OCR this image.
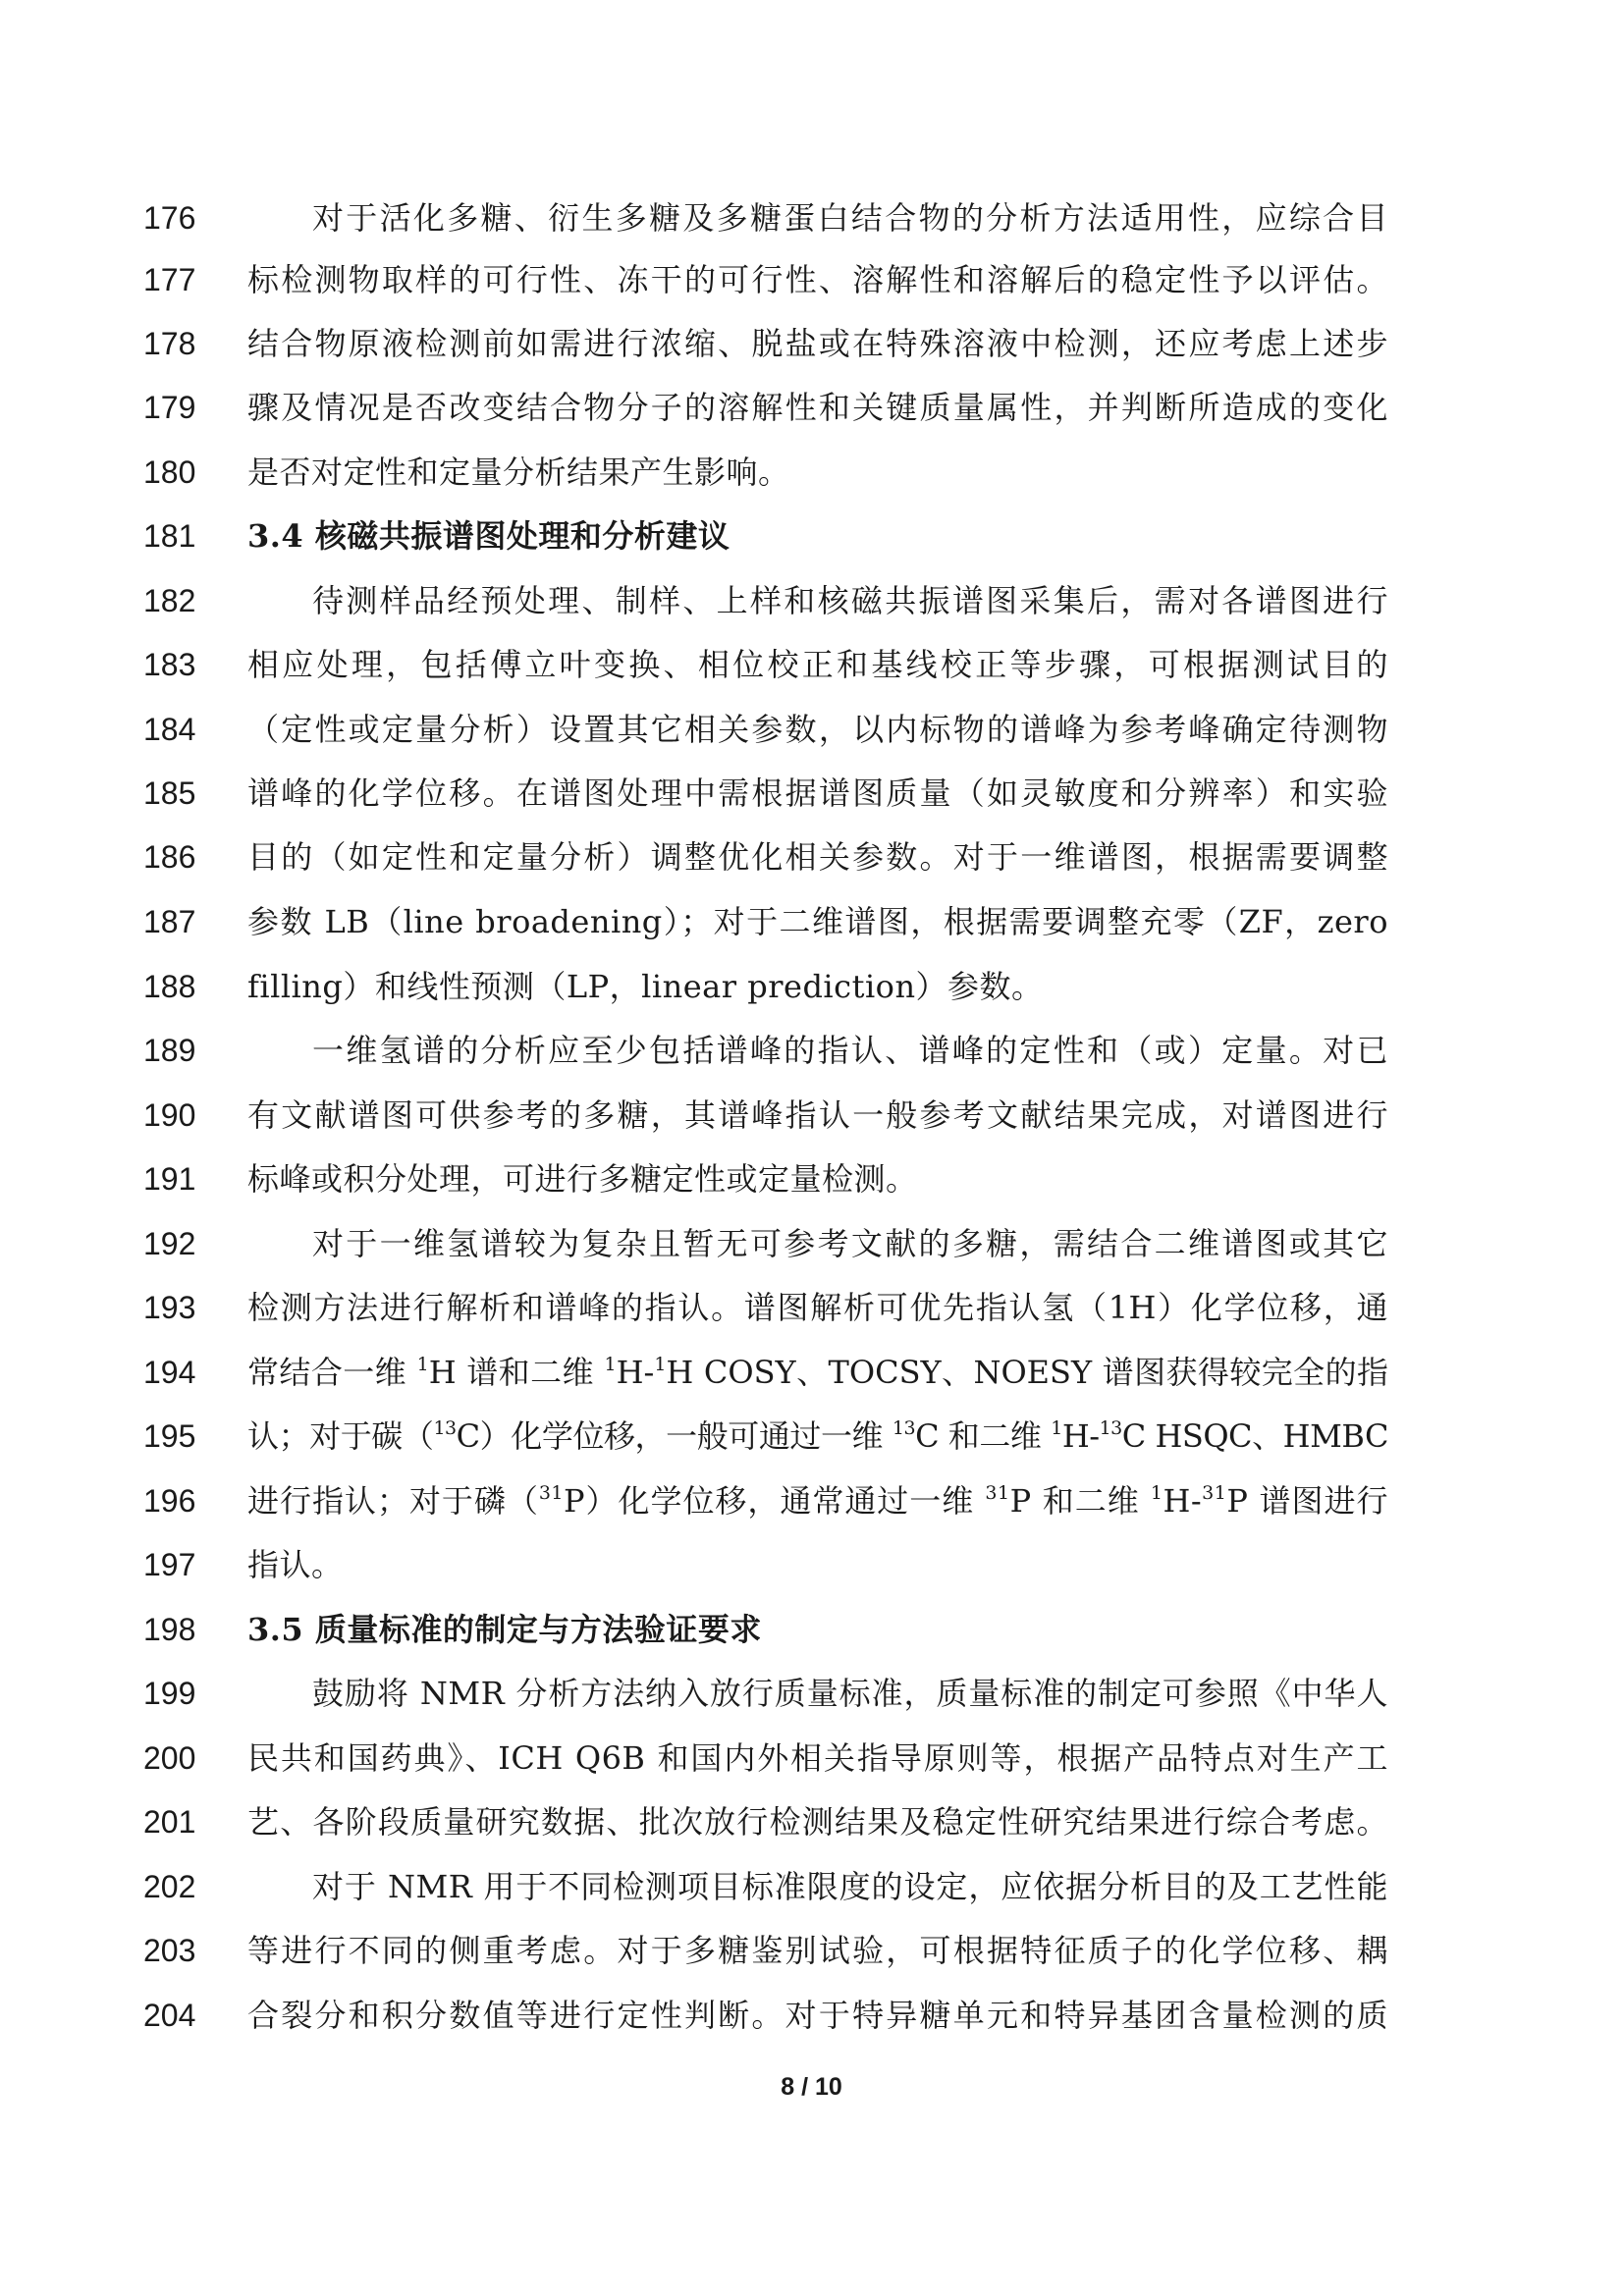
176	对于活化多糖、衍生多糖及多糖蛋白结合物的分析方法适用性，应综合目
177	标检测物取样的可行性、冻干的可行性、溶解性和溶解后的稳定性予以评估。
178	结合物原液检测前如需进行浓缩、脱盐或在特殊溶液中检测，还应考虑上述步
179	骤及情况是否改变结合物分子的溶解性和关键质量属性，并判断所造成的变化
180	是否对定性和定量分析结果产生影响。
181	3.4 核磁共振谱图处理和分析建议
182	待测样品经预处理、制样、上样和核磁共振谱图采集后，需对各谱图进行
183	相应处理，包括傅立叶变换、相位校正和基线校正等步骤，可根据测试目的
184	（定性或定量分析）设置其它相关参数，以内标物的谱峰为参考峰确定待测物
185	谱峰的化学位移。在谱图处理中需根据谱图质量（如灵敏度和分辨率）和实验
186	目的（如定性和定量分析）调整优化相关参数。对于一维谱图，根据需要调整
187	参数 LB（line broadening）；对于二维谱图，根据需要调整充零（ZF，zero
188	filling）和线性预测（LP，linear prediction）参数。
189	一维氢谱的分析应至少包括谱峰的指认、谱峰的定性和（或）定量。对已
190	有文献谱图可供参考的多糖，其谱峰指认一般参考文献结果完成，对谱图进行
191	标峰或积分处理，可进行多糖定性或定量检测。
192	对于一维氢谱较为复杂且暂无可参考文献的多糖，需结合二维谱图或其它
193	检测方法进行解析和谱峰的指认。谱图解析可优先指认氢（1H）化学位移，通
194	常结合一维 $^1$H 谱和二维 $^1$H-$^1$H COSY、TOCSY、NOESY 谱图获得较完全的指
195	认；对于碳（$^{13}$C）化学位移，一般可通过一维 $^{13}$C 和二维 $^1$H-$^{13}$C HSQC、HMBC
196	进行指认；对于磷（$^{31}$P）化学位移，通常通过一维 $^{31}$P 和二维 $^1$H-$^{31}$P 谱图进行
197	指认。
198	3.5 质量标准的制定与方法验证要求
199	鼓励将 NMR 分析方法纳入放行质量标准，质量标准的制定可参照《中华人
200	民共和国药典》、ICH Q6B 和国内外相关指导原则等，根据产品特点对生产工
201	艺、各阶段质量研究数据、批次放行检测结果及稳定性研究结果进行综合考虑。
202	对于 NMR 用于不同检测项目标准限度的设定，应依据分析目的及工艺性能
203	等进行不同的侧重考虑。对于多糖鉴别试验，可根据特征质子的化学位移、耦
204	合裂分和积分数值等进行定性判断。对于特异糖单元和特异基团含量检测的质
8 / 10
